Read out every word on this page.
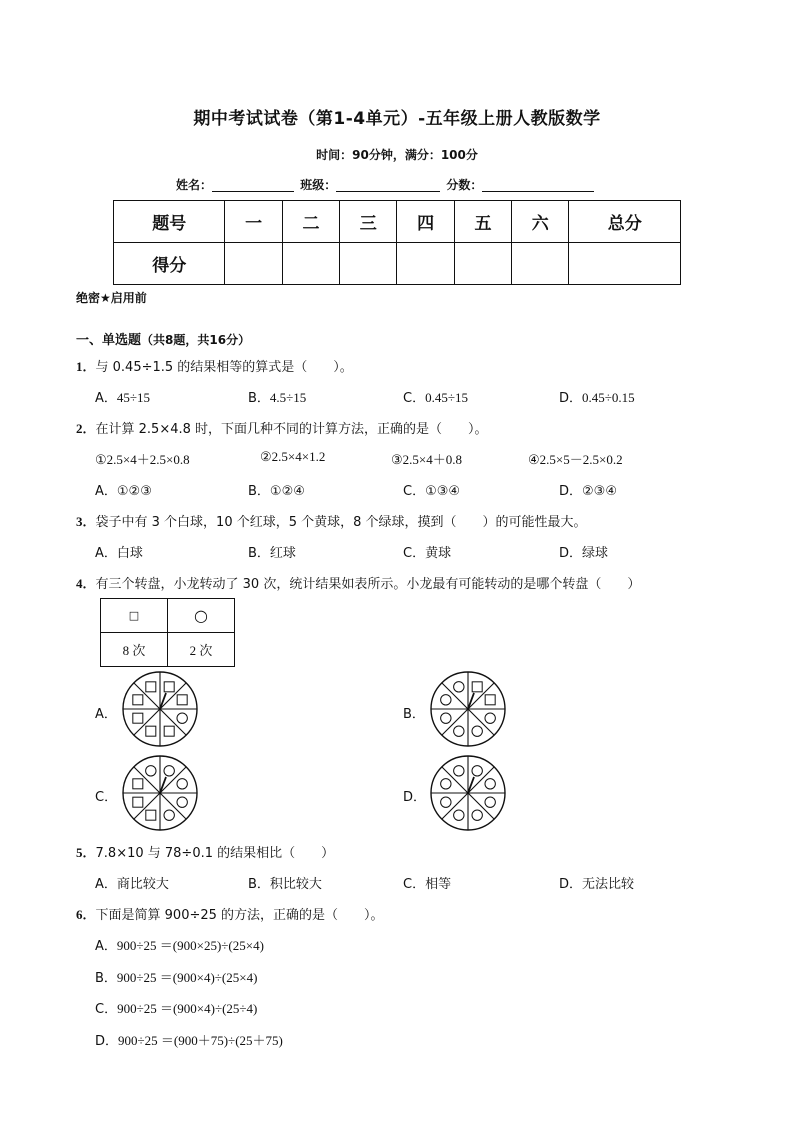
期中考试试卷（第1-4单元）-五年级上册人教版数学
时间：90分钟，满分：100分
姓名：	班级：	分数：
题号	一	二	三	四	五	六	总分
得分							
绝密★启用前
一、单选题（共8题，共16分）
1．与 0.45÷1.5 的结果相等的算式是（　　）。
A．45÷15	B．4.5÷15	C．0.45÷15	D．0.45÷0.15
2．在计算 2.5×4.8 时，下面几种不同的计算方法，正确的是（　　）。
①2.5×4＋2.5×0.8	②2.5×4×1.2	③2.5×4＋0.8	④2.5×5－2.5×0.2
A．①②③	B．①②④	C．①③④	D．②③④
3．袋子中有 3 个白球，10 个红球，5 个黄球，8 个绿球，摸到（　　）的可能性最大。
A．白球	B．红球	C．黄球	D．绿球
4．有三个转盘，小龙转动了 30 次，统计结果如表所示。小龙最有可能转动的是哪个转盘（　　）
□	○
8 次	2 次
A．	B．
C．	D．
5．7.8×10 与 78÷0.1 的结果相比（　　）
A．商比较大	B．积比较大	C．相等	D．无法比较
6．下面是简算 900÷25 的方法，正确的是（　　）。
A．900÷25 ＝(900×25)÷(25×4)
B．900÷25 ＝(900×4)÷(25×4)
C．900÷25 ＝(900×4)÷(25÷4)
D．900÷25 ＝(900＋75)÷(25＋75)
